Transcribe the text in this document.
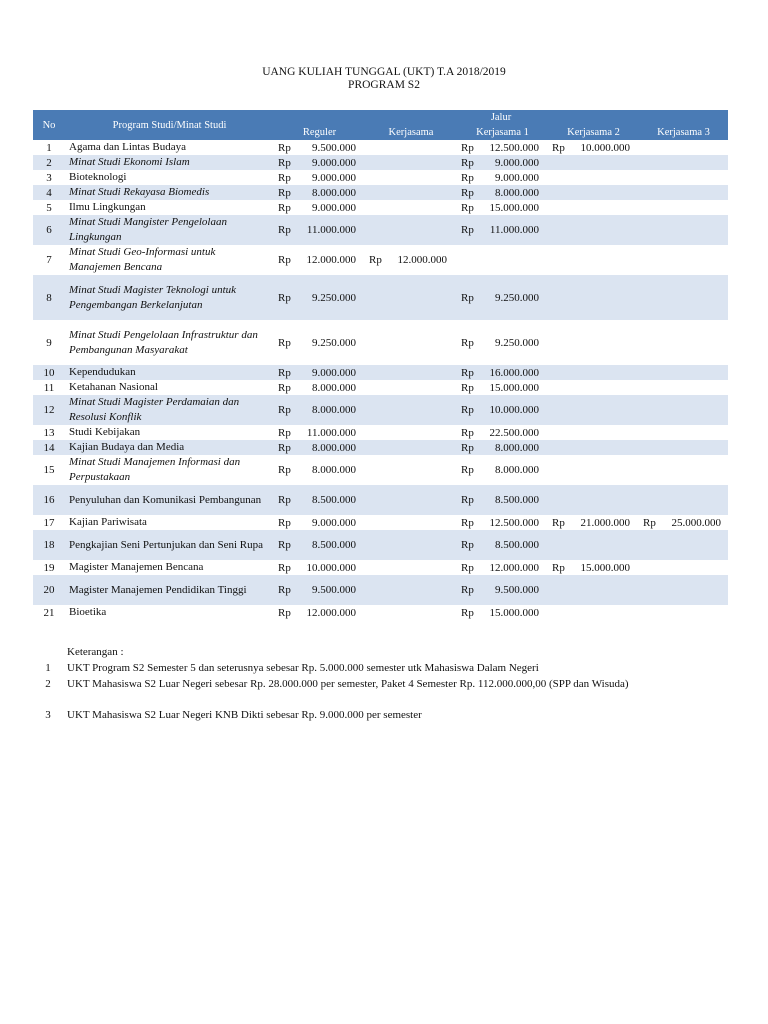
UANG KULIAH TUNGGAL (UKT) T.A 2018/2019
PROGRAM S2
No	Program Studi/Minat Studi	Jalur				
		Reguler	Kerjasama	Kerjasama 1	Kerjasama 2	Kerjasama 3
1	Agama dan Lintas Budaya	Rp 9.500.000		Rp 12.500.000	Rp 10.000.000	
2	Minat Studi Ekonomi Islam	Rp 9.000.000		Rp 9.000.000		
3	Bioteknologi	Rp 9.000.000		Rp 9.000.000		
4	Minat Studi Rekayasa Biomedis	Rp 8.000.000		Rp 8.000.000		
5	Ilmu Lingkungan	Rp 9.000.000		Rp 15.000.000		
6	Minat Studi Mangister Pengelolaan Lingkungan	Rp 11.000.000		Rp 11.000.000		
7	Minat Studi Geo-Informasi untuk Manajemen Bencana	Rp 12.000.000	Rp 12.000.000			
8	Minat Studi Magister Teknologi untuk Pengembangan Berkelanjutan	Rp 9.250.000		Rp 9.250.000		
9	Minat Studi Pengelolaan Infrastruktur dan Pembangunan Masyarakat	Rp 9.250.000		Rp 9.250.000		
10	Kependudukan	Rp 9.000.000		Rp 16.000.000		
11	Ketahanan Nasional	Rp 8.000.000		Rp 15.000.000		
12	Minat Studi Magister Perdamaian dan Resolusi Konflik	Rp 8.000.000		Rp 10.000.000		
13	Studi Kebijakan	Rp 11.000.000		Rp 22.500.000		
14	Kajian Budaya dan Media	Rp 8.000.000		Rp 8.000.000		
15	Minat Studi Manajemen Informasi dan Perpustakaan	Rp 8.000.000		Rp 8.000.000		
16	Penyuluhan dan Komunikasi Pembangunan	Rp 8.500.000		Rp 8.500.000		
17	Kajian Pariwisata	Rp 9.000.000		Rp 12.500.000	Rp 21.000.000	Rp 25.000.000
18	Pengkajian Seni Pertunjukan dan Seni Rupa	Rp 8.500.000		Rp 8.500.000		
19	Magister Manajemen Bencana	Rp 10.000.000		Rp 12.000.000	Rp 15.000.000	
20	Magister Manajemen Pendidikan Tinggi	Rp 9.500.000		Rp 9.500.000		
21	Bioetika	Rp 12.000.000		Rp 15.000.000		
Keterangan :
1	UKT Program S2 Semester 5 dan seterusnya sebesar Rp. 5.000.000 semester utk Mahasiswa Dalam Negeri
2	UKT Mahasiswa S2 Luar Negeri sebesar Rp. 28.000.000 per semester, Paket 4 Semester Rp. 112.000.000,00 (SPP dan Wisuda)
3	UKT Mahasiswa S2 Luar Negeri KNB Dikti sebesar Rp. 9.000.000 per semester
